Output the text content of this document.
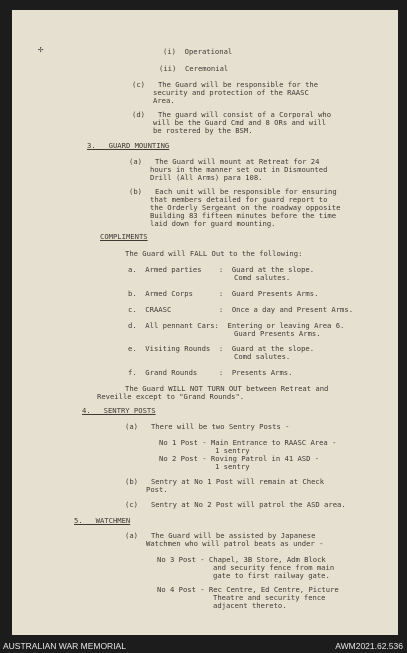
✢	(i)  Operational
(ii)  Ceremonial
(c)   The Guard will be responsible for the
security and protection of the RAASC
Area.
(d)   The guard will consist of a Corporal who
will be the Guard Cmd and 8 ORs and will
be rostered by the BSM.
3.   GUARD MOUNTING
(a)   The Guard will mount at Retreat for 24
hours in the manner set out in Dismounted
Drill (All Arms) para 108.
(b)   Each unit will be responsible for ensuring
that members detailed for guard report to
the Orderly Sergeant on the roadway opposite
Building 83 fifteen minutes before the time
laid down for guard mounting.
COMPLIMENTS
The Guard will FALL Out to the following:
a.  Armed parties    :  Guard at the slope.
Comd salutes.
b.  Armed Corps      :  Guard Presents Arms.
c.  CRAASC           :  Once a day and Present Arms.
d.  All pennant Cars:  Entering or leaving Area 6.
Guard Presents Arms.
e.  Visiting Rounds  :  Guard at the slope.
Comd salutes.
f.  Grand Rounds     :  Presents Arms.
The Guard WILL NOT TURN OUT between Retreat and
Reveille except to "Grand Rounds".
4.   SENTRY POSTS
(a)   There will be two Sentry Posts -
No 1 Post - Main Entrance to RAASC Area -
1 sentry
No 2 Post - Roving Patrol in 41 ASD -
1 sentry
(b)   Sentry at No 1 Post will remain at Check
Post.
(c)   Sentry at No 2 Post will patrol the ASD area.
5.   WATCHMEN
(a)   The Guard will be assisted by Japanese
Watchmen who will patrol beats as under -
No 3 Post - Chapel, 3B Store, Adm Block
and security fence from main
gate to first railway gate.
No 4 Post - Rec Centre, Ed Centre, Picture
Theatre and security fence
adjacent thereto.
AUSTRALIAN WAR MEMORIAL	AWM2021.62.536
